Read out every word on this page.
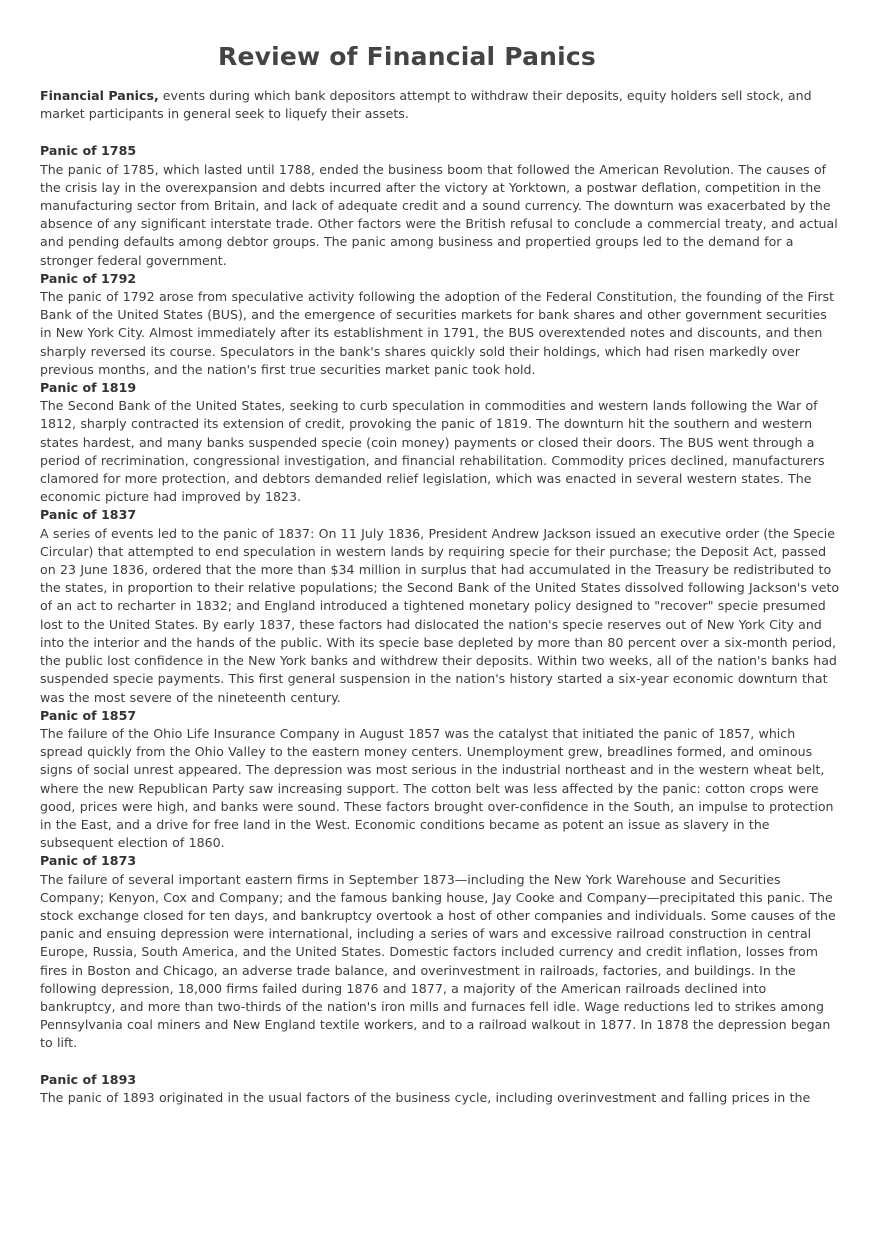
Review of Financial Panics

Financial Panics, events during which bank depositors attempt to withdraw their deposits, equity holders sell stock, and market participants in general seek to liquefy their assets.

Panic of 1785

The panic of 1785, which lasted until 1788, ended the business boom that followed the American Revolution. The causes of the crisis lay in the overexpansion and debts incurred after the victory at Yorktown, a postwar deflation, competition in the manufacturing sector from Britain, and lack of adequate credit and a sound currency. The downturn was exacerbated by the absence of any significant interstate trade. Other factors were the British refusal to conclude a commercial treaty, and actual and pending defaults among debtor groups. The panic among business and propertied groups led to the demand for a stronger federal government.

Panic of 1792

The panic of 1792 arose from speculative activity following the adoption of the Federal Constitution, the founding of the First Bank of the United States (BUS), and the emergence of securities markets for bank shares and other government securities in New York City. Almost immediately after its establishment in 1791, the BUS overextended notes and discounts, and then sharply reversed its course. Speculators in the bank's shares quickly sold their holdings, which had risen markedly over previous months, and the nation's first true securities market panic took hold.

Panic of 1819

The Second Bank of the United States, seeking to curb speculation in commodities and western lands following the War of 1812, sharply contracted its extension of credit, provoking the panic of 1819. The downturn hit the southern and western states hardest, and many banks suspended specie (coin money) payments or closed their doors. The BUS went through a period of recrimination, congressional investigation, and financial rehabilitation. Commodity prices declined, manufacturers clamored for more protection, and debtors demanded relief legislation, which was enacted in several western states. The economic picture had improved by 1823.

Panic of 1837

A series of events led to the panic of 1837: On 11 July 1836, President Andrew Jackson issued an executive order (the Specie Circular) that attempted to end speculation in western lands by requiring specie for their purchase; the Deposit Act, passed on 23 June 1836, ordered that the more than $34 million in surplus that had accumulated in the Treasury be redistributed to the states, in proportion to their relative populations; the Second Bank of the United States dissolved following Jackson's veto of an act to recharter in 1832; and England introduced a tightened monetary policy designed to "recover" specie presumed lost to the United States. By early 1837, these factors had dislocated the nation's specie reserves out of New York City and into the interior and the hands of the public. With its specie base depleted by more than 80 percent over a six-month period, the public lost confidence in the New York banks and withdrew their deposits. Within two weeks, all of the nation's banks had suspended specie payments. This first general suspension in the nation's history started a six-year economic downturn that was the most severe of the nineteenth century.

Panic of 1857

The failure of the Ohio Life Insurance Company in August 1857 was the catalyst that initiated the panic of 1857, which spread quickly from the Ohio Valley to the eastern money centers. Unemployment grew, breadlines formed, and ominous signs of social unrest appeared. The depression was most serious in the industrial northeast and in the western wheat belt, where the new Republican Party saw increasing support. The cotton belt was less affected by the panic: cotton crops were good, prices were high, and banks were sound. These factors brought over-confidence in the South, an impulse to protection in the East, and a drive for free land in the West. Economic conditions became as potent an issue as slavery in the subsequent election of 1860.

Panic of 1873

The failure of several important eastern firms in September 1873—including the New York Warehouse and Securities Company; Kenyon, Cox and Company; and the famous banking house, Jay Cooke and Company—precipitated this panic. The stock exchange closed for ten days, and bankruptcy overtook a host of other companies and individuals. Some causes of the panic and ensuing depression were international, including a series of wars and excessive railroad construction in central Europe, Russia, South America, and the United States. Domestic factors included currency and credit inflation, losses from fires in Boston and Chicago, an adverse trade balance, and overinvestment in railroads, factories, and buildings. In the following depression, 18,000 firms failed during 1876 and 1877, a majority of the American railroads declined into bankruptcy, and more than two-thirds of the nation's iron mills and furnaces fell idle. Wage reductions led to strikes among Pennsylvania coal miners and New England textile workers, and to a railroad walkout in 1877. In 1878 the depression began to lift.

Panic of 1893

The panic of 1893 originated in the usual factors of the business cycle, including overinvestment and falling prices in the
